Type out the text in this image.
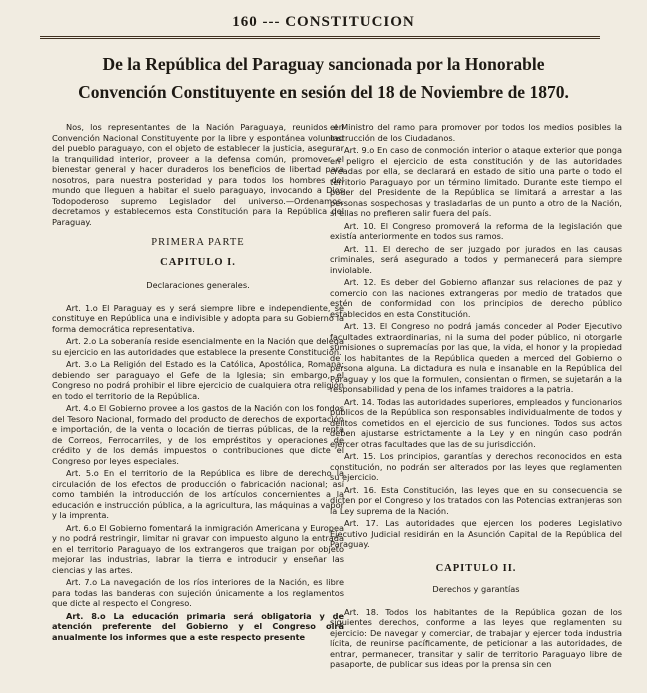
160 --- CONSTITUCION
De la República del Paraguay sancionada por la Honorable
Convención Constituyente en sesión del 18 de Noviembre de 1870.

Nos, los representantes de la Nación Paraguaya, reunidos en Convención Nacional Constituyente por la libre y espontánea voluntad del pueblo paraguayo, con el objeto de establecer la justicia, asegurar la tranquilidad interior, proveer a la defensa común, promover el bienestar general y hacer duraderos los beneficios de libertad para nosotros, para nuestra posteridad y para todos los hombres del mundo que lleguen a habitar el suelo paraguayo, invocando a Dios Todopoderoso supremo Legislador del universo.—Ordenamos, decretamos y establecemos esta Constitución para la República del Paraguay.

PRIMERA PARTE
CAPITULO I.

Declaraciones generales.

Art. 1.o El Paraguay es y será siempre libre e independiente, se constituye en República una e indivisible y adopta para su Gobierno la forma democrática representativa.

Art. 2.o La soberanía reside esencialmente en la Nación que delega su ejercicio en las autoridades que establece la presente Constitución.

Art. 3.o La Religión del Estado es la Católica, Apostólica, Romana; debiendo ser paraguayo el Gefe de la Iglesia; sin embargo, el Congreso no podrá prohibir el libre ejercicio de cualquiera otra religión en todo el territorio de la República.

Art. 4.o El Gobierno provee a los gastos de la Nación con los fondos del Tesoro Nacional, formado del producto de derechos de exportación e importación, de la venta o locación de tierras públicas, de la renta de Correos, Ferrocarriles, y de los empréstitos y operaciones de crédito y de los demás impuestos o contribuciones que dicte el Congreso por leyes especiales.

Art. 5.o En el territorio de la República es libre de derecho la circulación de los efectos de producción o fabricación nacional; así como también la introducción de los artículos concernientes a la educación e instrucción pública, a la agricultura, las máquinas a vapor y la imprenta.

Art. 6.o El Gobierno fomentará la inmigración Americana y Europea y no podrá restringir, limitar ni gravar con impuesto alguno la entrada en el territorio Paraguayo de los extrangeros que traigan por objeto mejorar las industrias, labrar la tierra e introducir y enseñar las ciencias y las artes.

Art. 7.o La navegación de los ríos interiores de la Nación, es libre para todas las banderas con sujeción únicamente a los reglamentos que dicte al respecto el Congreso.

Art. 8.o La educación primaria será obligatoria y de atención preferente del Gobierno y el Congreso oirá anualmente los informes que a este respecto presente

el Ministro del ramo para promover por todos los medios posibles la instrucción de los Ciudadanos.

Art. 9.o En caso de conmoción interior o ataque exterior que ponga en peligro el ejercicio de esta constitución y de las autoridades creadas por ella, se declarará en estado de sitio una parte o todo el territorio Paraguayo por un término limitado. Durante este tiempo el poder del Presidente de la República se limitará a arrestar a las personas sospechosas y trasladarlas de un punto a otro de la Nación, si ellas no prefieren salir fuera del país.

Art. 10. El Congreso promoverá la reforma de la legislación que existía anteriormente en todos sus ramos.

Art. 11. El derecho de ser juzgado por jurados en las causas criminales, será asegurado a todos y permanecerá para siempre inviolable.

Art. 12. Es deber del Gobierno afianzar sus relaciones de paz y comercio con las naciones extrangeras por medio de tratados que estén de conformidad con los principios de derecho público establecidos en esta Constitución.

Art. 13. El Congreso no podrá jamás conceder al Poder Ejecutivo facultades extraordinarias, ni la suma del poder público, ni otorgarle sumisiones o supremacías por las que, la vida, el honor y la propiedad de los habitantes de la República queden a merced del Gobierno o persona alguna. La dictadura es nula e insanable en la República del Paraguay y los que la formulen, consientan o firmen, se sujetarán a la responsabilidad y pena de los infames traidores a la patria.

Art. 14. Todas las autoridades superiores, empleados y funcionarios públicos de la República son responsables individualmente de todos y delitos cometidos en el ejercicio de sus funciones. Todos sus actos deben ajustarse estrictamente a la Ley y en ningún caso podrán ejercer otras facultades que las de su jurisdicción.

Art. 15. Los principios, garantías y derechos reconocidos en esta constitución, no podrán ser alterados por las leyes que reglamenten su ejercicio.

Art. 16. Esta Constitución, las leyes que en su consecuencia se dicten por el Congreso y los tratados con las Potencias extranjeras son la Ley suprema de la Nación.

Art. 17. Las autoridades que ejercen los poderes Legislativo Ejecutivo Judicial residirán en la Asunción Capital de la República del Paraguay.

CAPITULO II.

Derechos y garantías

Art. 18. Todos los habitantes de la República gozan de los siguientes derechos, conforme a las leyes que reglamenten su ejercicio: De navegar y comerciar, de trabajar y ejercer toda industria lícita, de reunirse pacíficamente, de peticionar a las autoridades, de entrar, permanecer, transitar y salir de territorio Paraguayo libre de pasaporte, de publicar sus ideas por la prensa sin cen
